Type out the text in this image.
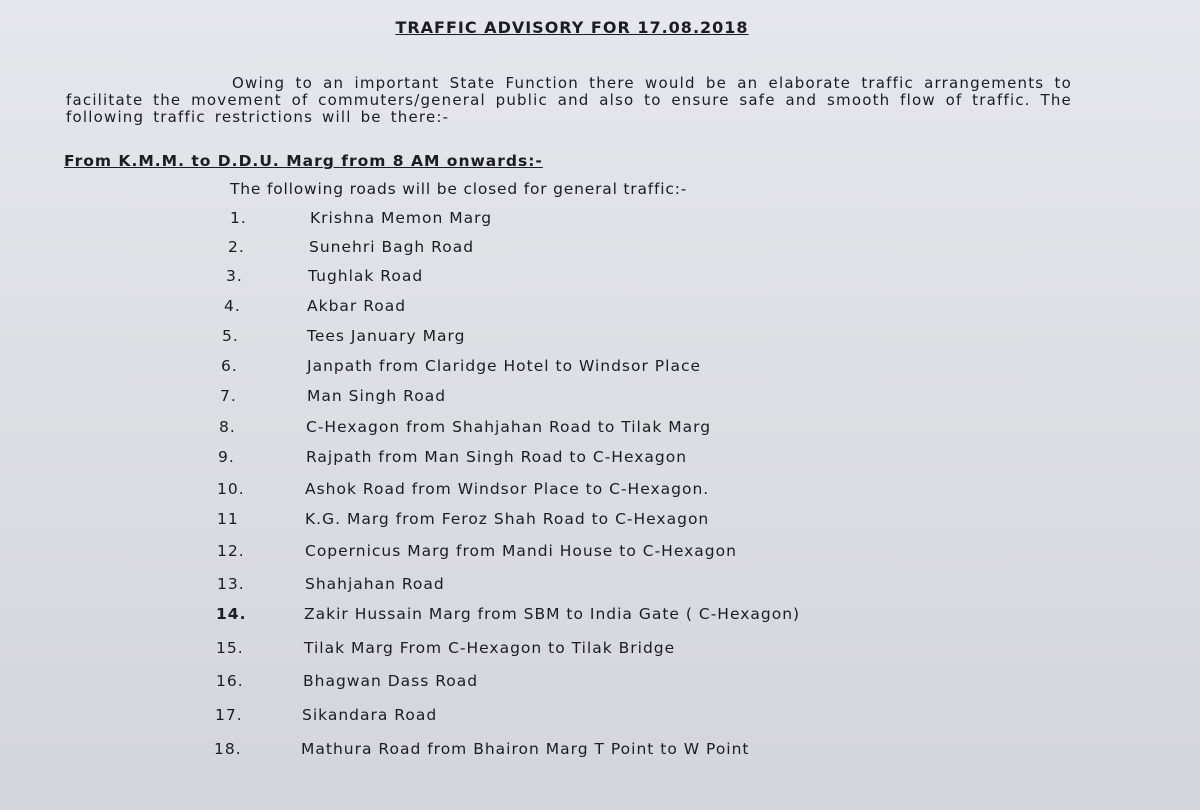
TRAFFIC ADVISORY FOR 17.08.2018
Owing to an important State Function there would be an elaborate traffic arrangements to facilitate the movement of commuters/general public and also to ensure safe and smooth flow of traffic. The following traffic restrictions will be there:-
From K.M.M. to D.D.U. Marg from 8 AM onwards:-
The following roads will be closed for general traffic:-
1.	Krishna Memon Marg
2.	Sunehri Bagh Road
3.	Tughlak Road
4.	Akbar Road
5.	Tees January Marg
6.	Janpath from Claridge Hotel to Windsor Place
7.	Man Singh Road
8.	C-Hexagon from Shahjahan Road to Tilak Marg
9.	Rajpath from Man Singh Road to C-Hexagon
10.	Ashok Road from Windsor Place to C-Hexagon.
11	K.G. Marg from Feroz Shah Road to C-Hexagon
12.	Copernicus Marg from Mandi House to C-Hexagon
13.	Shahjahan Road
14.	Zakir Hussain Marg from SBM to India Gate ( C-Hexagon)
15.	Tilak Marg From C-Hexagon to Tilak Bridge
16.	Bhagwan Dass Road
17.	Sikandara Road
18.	Mathura Road from Bhairon Marg T Point to W Point
